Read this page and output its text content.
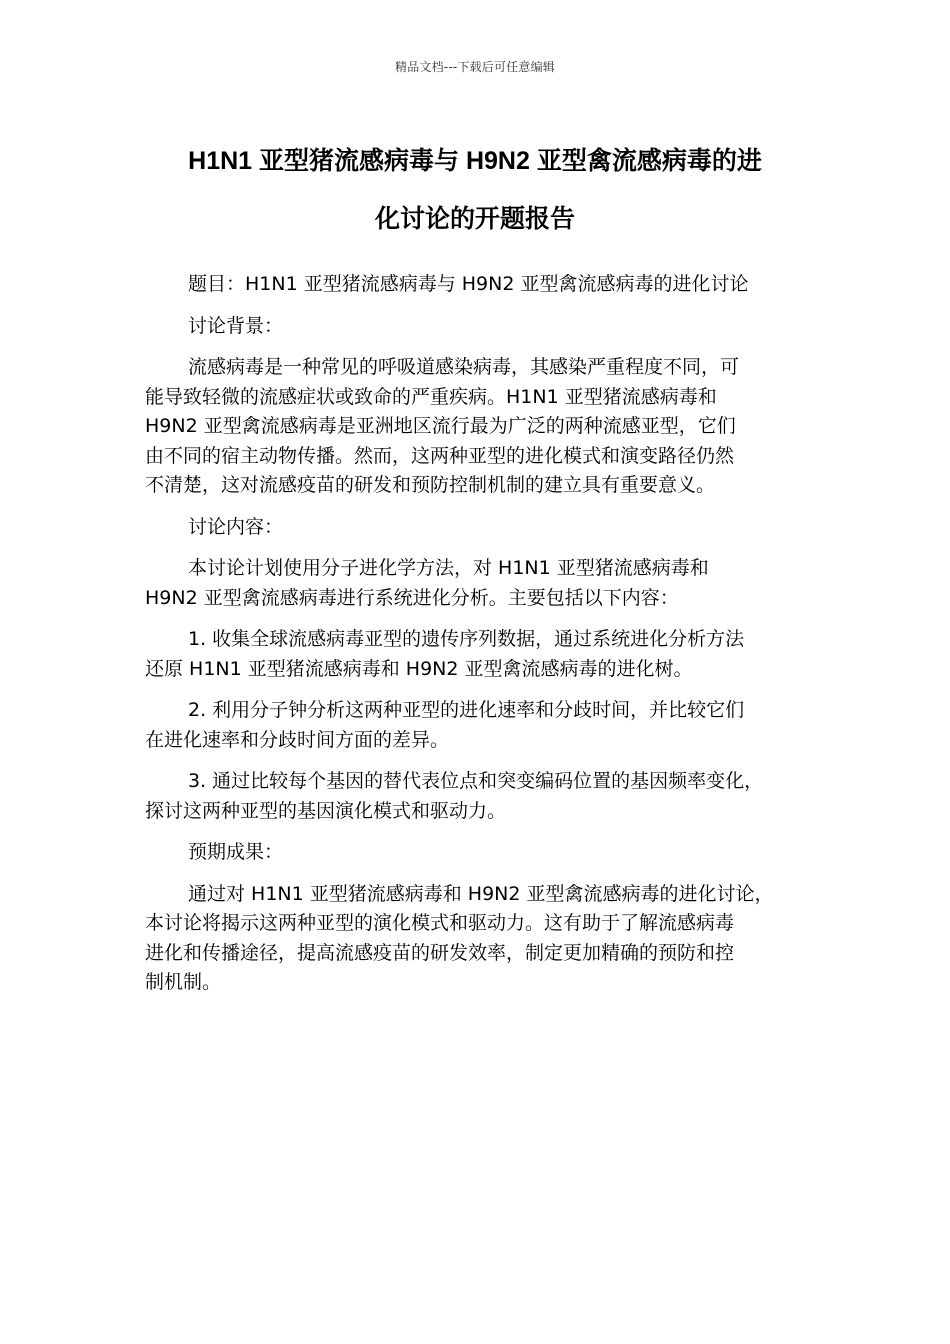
精品文档---下载后可任意编辑
H1N1 亚型猪流感病毒与 H9N2 亚型禽流感病毒的进
化讨论的开题报告
题目：H1N1 亚型猪流感病毒与 H9N2 亚型禽流感病毒的进化讨论
讨论背景：
流感病毒是一种常见的呼吸道感染病毒，其感染严重程度不同，可
能导致轻微的流感症状或致命的严重疾病。H1N1 亚型猪流感病毒和
H9N2 亚型禽流感病毒是亚洲地区流行最为广泛的两种流感亚型，它们
由不同的宿主动物传播。然而，这两种亚型的进化模式和演变路径仍然
不清楚，这对流感疫苗的研发和预防控制机制的建立具有重要意义。
讨论内容：
本讨论计划使用分子进化学方法，对 H1N1 亚型猪流感病毒和
H9N2 亚型禽流感病毒进行系统进化分析。主要包括以下内容：
1. 收集全球流感病毒亚型的遗传序列数据，通过系统进化分析方法
还原 H1N1 亚型猪流感病毒和 H9N2 亚型禽流感病毒的进化树。
2. 利用分子钟分析这两种亚型的进化速率和分歧时间，并比较它们
在进化速率和分歧时间方面的差异。
3. 通过比较每个基因的替代表位点和突变编码位置的基因频率变化，
探讨这两种亚型的基因演化模式和驱动力。
预期成果：
通过对 H1N1 亚型猪流感病毒和 H9N2 亚型禽流感病毒的进化讨论，
本讨论将揭示这两种亚型的演化模式和驱动力。这有助于了解流感病毒
进化和传播途径，提高流感疫苗的研发效率，制定更加精确的预防和控
制机制。
